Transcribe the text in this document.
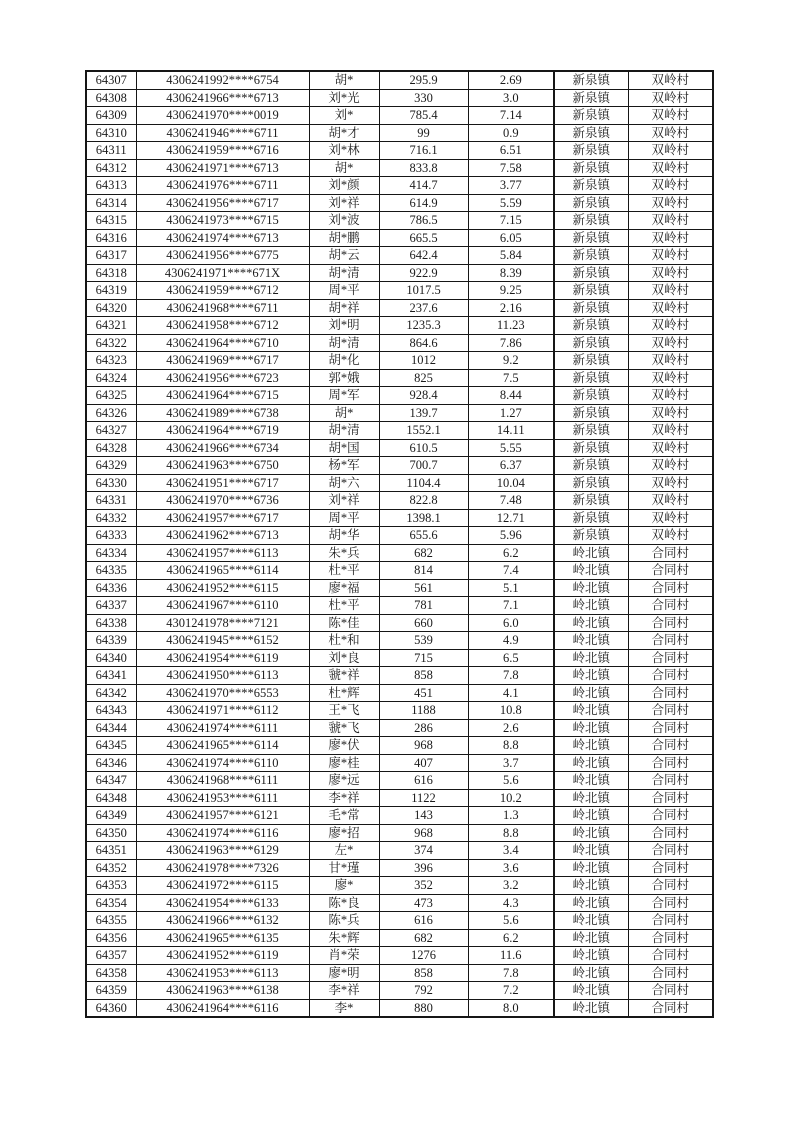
64307	4306241992****6754	胡*	295.9	2.69	新泉镇	双岭村
64308	4306241966****6713	刘*光	330	3.0	新泉镇	双岭村
64309	4306241970****0019	刘*	785.4	7.14	新泉镇	双岭村
64310	4306241946****6711	胡*才	99	0.9	新泉镇	双岭村
64311	4306241959****6716	刘*林	716.1	6.51	新泉镇	双岭村
64312	4306241971****6713	胡*	833.8	7.58	新泉镇	双岭村
64313	4306241976****6711	刘*颜	414.7	3.77	新泉镇	双岭村
64314	4306241956****6717	刘*祥	614.9	5.59	新泉镇	双岭村
64315	4306241973****6715	刘*波	786.5	7.15	新泉镇	双岭村
64316	4306241974****6713	胡*鹏	665.5	6.05	新泉镇	双岭村
64317	4306241956****6775	胡*云	642.4	5.84	新泉镇	双岭村
64318	4306241971****671X	胡*清	922.9	8.39	新泉镇	双岭村
64319	4306241959****6712	周*平	1017.5	9.25	新泉镇	双岭村
64320	4306241968****6711	胡*祥	237.6	2.16	新泉镇	双岭村
64321	4306241958****6712	刘*明	1235.3	11.23	新泉镇	双岭村
64322	4306241964****6710	胡*清	864.6	7.86	新泉镇	双岭村
64323	4306241969****6717	胡*化	1012	9.2	新泉镇	双岭村
64324	4306241956****6723	郭*娥	825	7.5	新泉镇	双岭村
64325	4306241964****6715	周*军	928.4	8.44	新泉镇	双岭村
64326	4306241989****6738	胡*	139.7	1.27	新泉镇	双岭村
64327	4306241964****6719	胡*清	1552.1	14.11	新泉镇	双岭村
64328	4306241966****6734	胡*国	610.5	5.55	新泉镇	双岭村
64329	4306241963****6750	杨*军	700.7	6.37	新泉镇	双岭村
64330	4306241951****6717	胡*六	1104.4	10.04	新泉镇	双岭村
64331	4306241970****6736	刘*祥	822.8	7.48	新泉镇	双岭村
64332	4306241957****6717	周*平	1398.1	12.71	新泉镇	双岭村
64333	4306241962****6713	胡*华	655.6	5.96	新泉镇	双岭村
64334	4306241957****6113	朱*兵	682	6.2	岭北镇	合同村
64335	4306241965****6114	杜*平	814	7.4	岭北镇	合同村
64336	4306241952****6115	廖*福	561	5.1	岭北镇	合同村
64337	4306241967****6110	杜*平	781	7.1	岭北镇	合同村
64338	4301241978****7121	陈*佳	660	6.0	岭北镇	合同村
64339	4306241945****6152	杜*和	539	4.9	岭北镇	合同村
64340	4306241954****6119	刘*良	715	6.5	岭北镇	合同村
64341	4306241950****6113	虢*祥	858	7.8	岭北镇	合同村
64342	4306241970****6553	杜*辉	451	4.1	岭北镇	合同村
64343	4306241971****6112	王*飞	1188	10.8	岭北镇	合同村
64344	4306241974****6111	虢*飞	286	2.6	岭北镇	合同村
64345	4306241965****6114	廖*伏	968	8.8	岭北镇	合同村
64346	4306241974****6110	廖*桂	407	3.7	岭北镇	合同村
64347	4306241968****6111	廖*远	616	5.6	岭北镇	合同村
64348	4306241953****6111	李*祥	1122	10.2	岭北镇	合同村
64349	4306241957****6121	毛*常	143	1.3	岭北镇	合同村
64350	4306241974****6116	廖*招	968	8.8	岭北镇	合同村
64351	4306241963****6129	左*	374	3.4	岭北镇	合同村
64352	4306241978****7326	甘*瑾	396	3.6	岭北镇	合同村
64353	4306241972****6115	廖*	352	3.2	岭北镇	合同村
64354	4306241954****6133	陈*良	473	4.3	岭北镇	合同村
64355	4306241966****6132	陈*兵	616	5.6	岭北镇	合同村
64356	4306241965****6135	朱*辉	682	6.2	岭北镇	合同村
64357	4306241952****6119	肖*荣	1276	11.6	岭北镇	合同村
64358	4306241953****6113	廖*明	858	7.8	岭北镇	合同村
64359	4306241963****6138	李*祥	792	7.2	岭北镇	合同村
64360	4306241964****6116	李*	880	8.0	岭北镇	合同村
